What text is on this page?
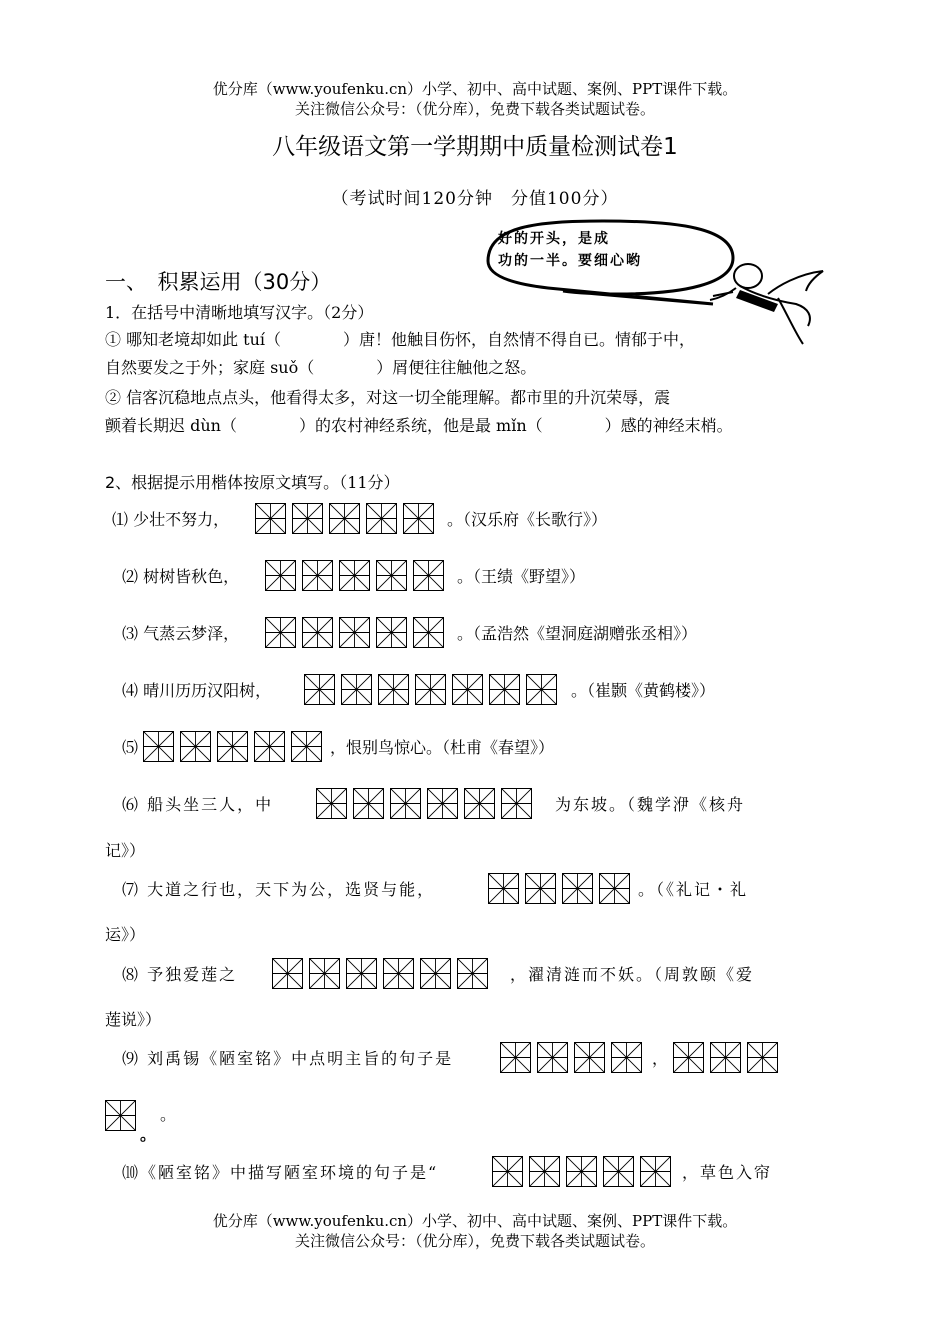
优分库（www.youfenku.cn）小学、初中、高中试题、案例、PPT课件下载。
关注微信公众号：（优分库），免费下载各类试题试卷。
八年级语文第一学期期中质量检测试卷1
（考试时间120分钟　分值100分）
好的开头，是成
功的一半。要细心哟
一、　积累运用（30分）
1．在括号中清晰地填写汉字。（2分）
① 哪知老境却如此 tuí（	）唐！他触目伤怀，自然情不得自已。情郁于中，
自然要发之于外；家庭 suǒ（	）屑便往往触他之怒。
② 信客沉稳地点点头，他看得太多，对这一切全能理解。都市里的升沉荣辱，震
颤着长期迟 dùn（	）的农村神经系统，他是最 mǐn（	）感的神经末梢。
2、根据提示用楷体按原文填写。（11分）
⑴ 少壮不努力，	。（汉乐府《长歌行》）
⑵ 树树皆秋色，	。（王绩《野望》）
⑶ 气蒸云梦泽，	。（孟浩然《望洞庭湖赠张丞相》）
⑷ 晴川历历汉阳树，	。（崔颢《黄鹤楼》）
⑸	，恨别鸟惊心。（杜甫《春望》）
⑹ 船头坐三人，中	为东坡。（魏学洢《核舟
记》）
⑺ 大道之行也，天下为公，选贤与能，	。（《礼记・礼
运》）
⑻ 予独爱莲之	，濯清涟而不妖。（周敦颐《爱
莲说》）
⑼ 刘禹锡《陋室铭》中点明主旨的句子是	，
。
。
⑽《陋室铭》中描写陋室环境的句子是“	，草色入帘
优分库（www.youfenku.cn）小学、初中、高中试题、案例、PPT课件下载。
关注微信公众号：（优分库），免费下载各类试题试卷。
